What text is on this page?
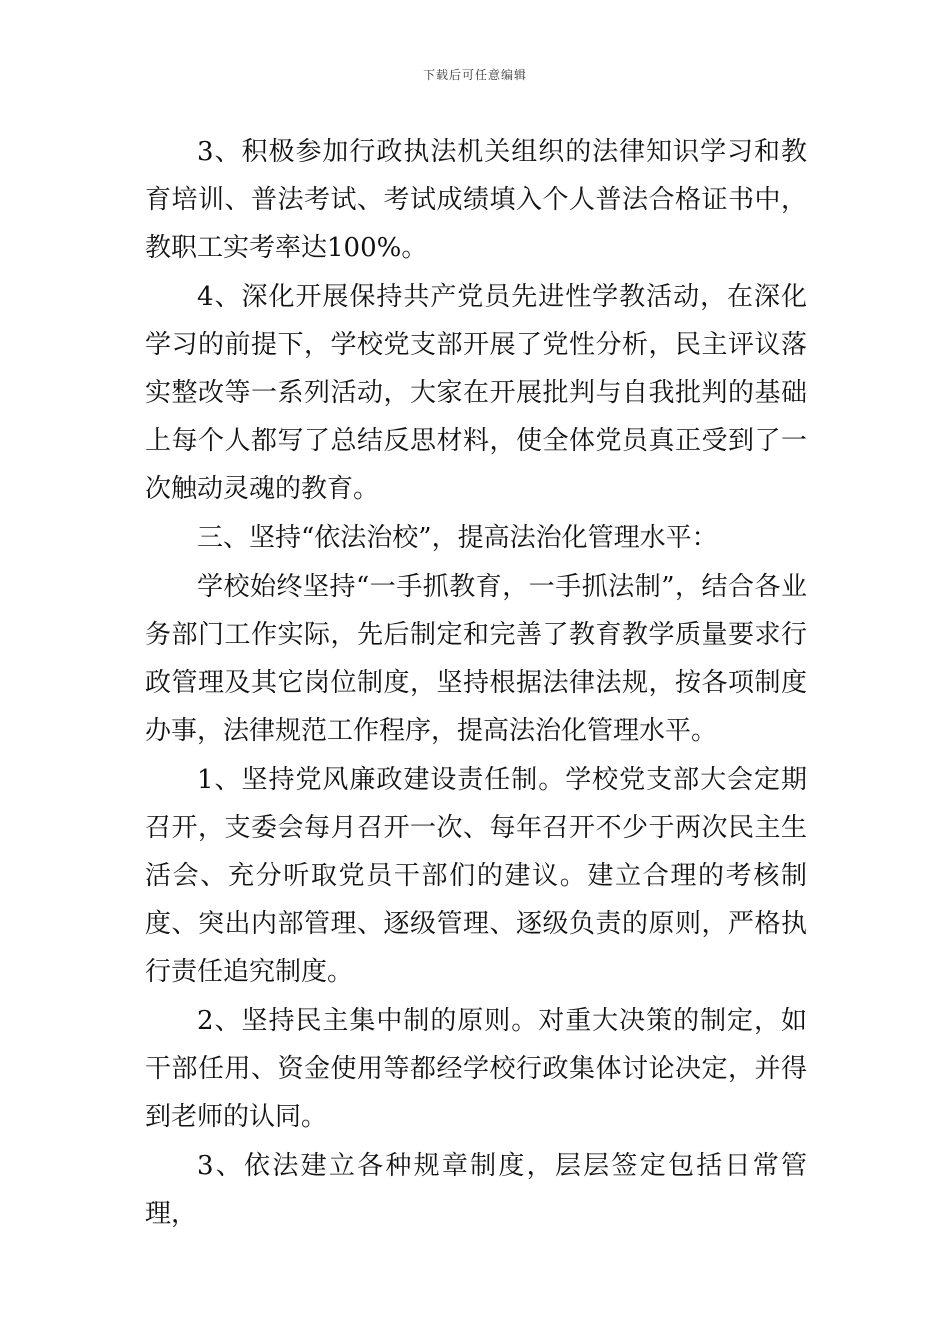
下载后可任意编辑

3、积极参加行政执法机关组织的法律知识学习和教育培训、普法考试、考试成绩填入个人普法合格证书中，教职工实考率达100%。

4、深化开展保持共产党员先进性学教活动，在深化学习的前提下，学校党支部开展了党性分析，民主评议落实整改等一系列活动，大家在开展批判与自我批判的基础上每个人都写了总结反思材料，使全体党员真正受到了一次触动灵魂的教育。

三、坚持“依法治校”，提高法治化管理水平：

学校始终坚持“一手抓教育，一手抓法制”，结合各业务部门工作实际，先后制定和完善了教育教学质量要求行政管理及其它岗位制度，坚持根据法律法规，按各项制度办事，法律规范工作程序，提高法治化管理水平。

1、坚持党风廉政建设责任制。学校党支部大会定期召开，支委会每月召开一次、每年召开不少于两次民主生活会、充分听取党员干部们的建议。建立合理的考核制度、突出内部管理、逐级管理、逐级负责的原则，严格执行责任追究制度。

2、坚持民主集中制的原则。对重大决策的制定，如干部任用、资金使用等都经学校行政集体讨论决定，并得到老师的认同。

3、依法建立各种规章制度，层层签定包括日常管理，
